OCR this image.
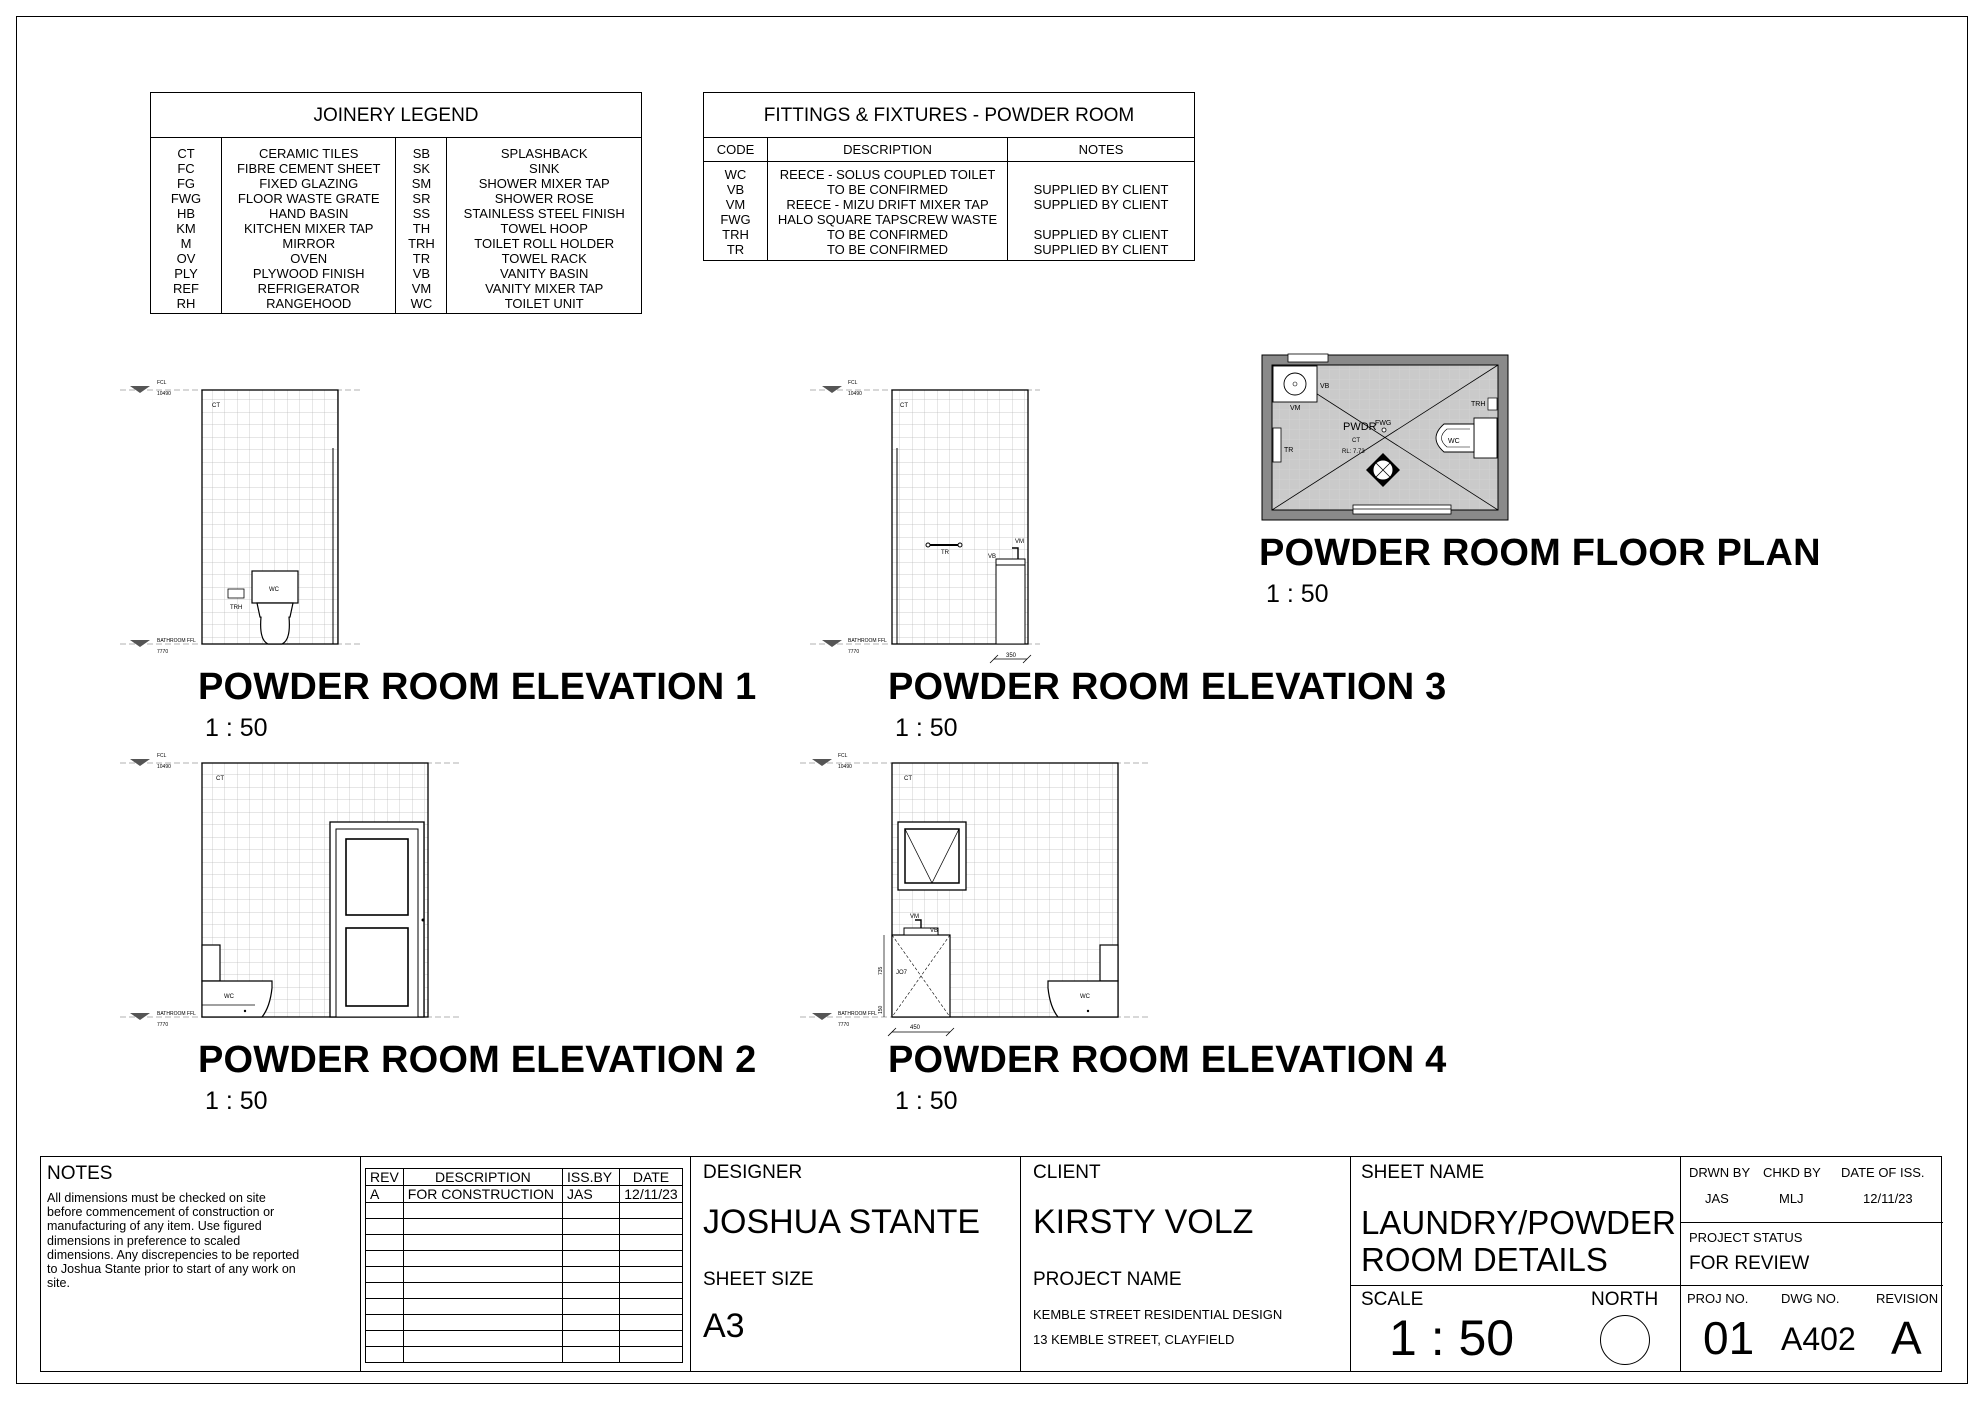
JOINERY LEGEND			
CT	CERAMIC TILES	SB	SPLASHBACK
FC	FIBRE CEMENT SHEET	SK	SINK
FG	FIXED GLAZING	SM	SHOWER MIXER TAP
FWG	FLOOR WASTE GRATE	SR	SHOWER ROSE
HB	HAND BASIN	SS	STAINLESS STEEL FINISH
KM	KITCHEN MIXER TAP	TH	TOWEL HOOP
M	MIRROR	TRH	TOILET ROLL HOLDER
OV	OVEN	TR	TOWEL RACK
PLY	PLYWOOD FINISH	VB	VANITY BASIN
REF	REFRIGERATOR	VM	VANITY MIXER TAP
RH	RANGEHOOD	WC	TOILET UNIT
FITTINGS & FIXTURES - POWDER ROOM		
CODE	DESCRIPTION	NOTES
WC	REECE - SOLUS COUPLED TOILET	
VB	TO BE CONFIRMED	SUPPLIED BY CLIENT
VM	REECE - MIZU DRIFT MIXER TAP	SUPPLIED BY CLIENT
FWG	HALO SQUARE TAPSCREW WASTE	
TRH	TO BE CONFIRMED	SUPPLIED BY CLIENT
TR	TO BE CONFIRMED	SUPPLIED BY CLIENT
FCL
10490
BATHROOM FFL
7770
CT
WC
TRH
FCL
10490
BATHROOM FFL
7770
CT
TR
VM
VB
350
VB
VM
TR
WC
TRH
PWDR
CT
RL: 7.73
FWG
FCL
10490
BATHROOM FFL
7770
CT
WC
FCL
10490
BATHROOM FFL
7770
CT
VM
VB
JO7
735
150
450
WC
POWDER ROOM ELEVATION 1
1 : 50
POWDER ROOM ELEVATION 3
1 : 50
POWDER ROOM FLOOR PLAN
1 : 50
POWDER ROOM ELEVATION 2
1 : 50
POWDER ROOM ELEVATION 4
1 : 50
NOTES
All dimensions must be checked on site
before commencement of construction or
manufacturing of any item. Use figured
dimensions in preference to scaled
dimensions. Any discrepencies to be reported
to Joshua Stante prior to start of any work on
site.
REV	DESCRIPTION	ISS.BY	DATE
A	FOR CONSTRUCTION	JAS	12/11/23

DESIGNER
JOSHUA STANTE
SHEET SIZE
A3
CLIENT
KIRSTY VOLZ
PROJECT NAME
KEMBLE STREET RESIDENTIAL DESIGN
13 KEMBLE STREET, CLAYFIELD
SHEET NAME
LAUNDRY/POWDER
ROOM DETAILS
SCALE
1 : 50
NORTH
DRWN BY CHKD BY DATE OF ISS.
JAS	MLJ	12/11/23
PROJECT STATUS
FOR REVIEW
PROJ NO.	DWG NO.	REVISION
01 A402 A
